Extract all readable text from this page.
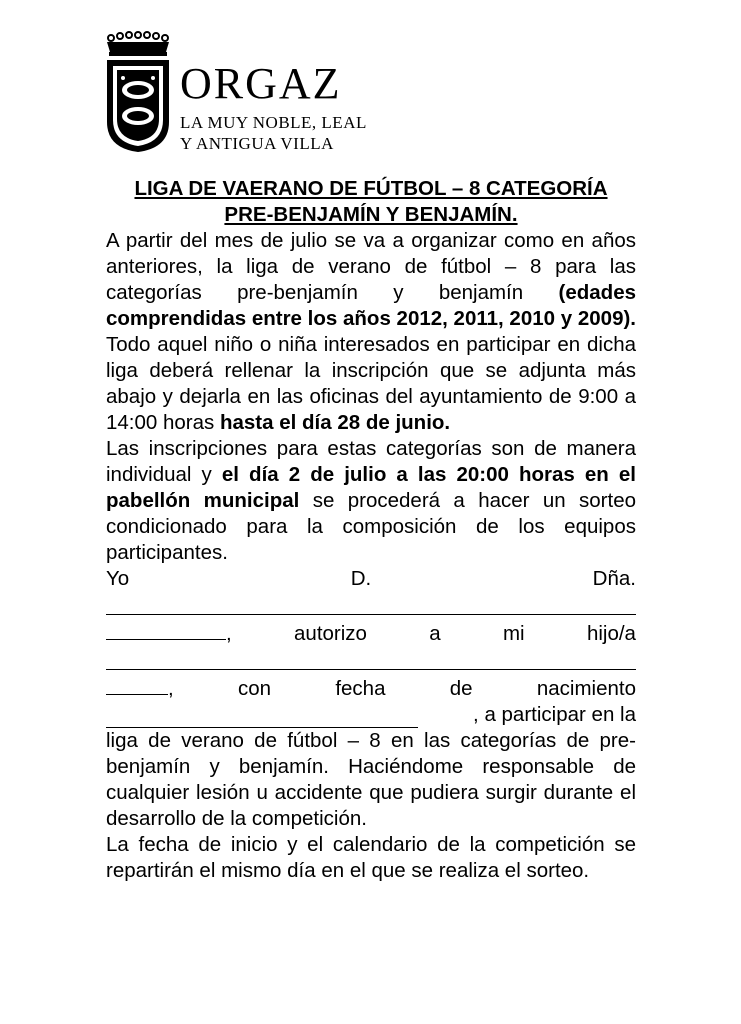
ORGAZ
LA MUY NOBLE, LEAL
Y ANTIGUA VILLA
LIGA DE VAERANO DE FÚTBOL – 8 CATEGORÍA
PRE-BENJAMÍN Y BENJAMÍN.

A partir del mes de julio se va a organizar como en años anteriores, la liga de verano de fútbol – 8 para las categorías pre-benjamín y benjamín (edades comprendidas entre los años 2012, 2011, 2010 y 2009). Todo aquel niño o niña interesados en participar en dicha liga deberá rellenar la inscripción que se adjunta más abajo y dejarla en las oficinas del ayuntamiento de 9:00 a 14:00 horas hasta el día 28 de junio.

Las inscripciones para estas categorías son de manera individual y el día 2 de julio a las 20:00 horas en el pabellón municipal se procederá a hacer un sorteo condicionado para la composición de los equipos participantes.

Yo	D.	Dña.
,	autorizo	a	mi	hijo/a
,	con	fecha	de	nacimiento
, a participar en la

liga de verano de fútbol – 8 en las categorías de pre-benjamín y benjamín. Haciéndome responsable de cualquier lesión u accidente que pudiera surgir durante el desarrollo de la competición.

La fecha de inicio y el calendario de la competición se repartirán el mismo día en el que se realiza el sorteo.
